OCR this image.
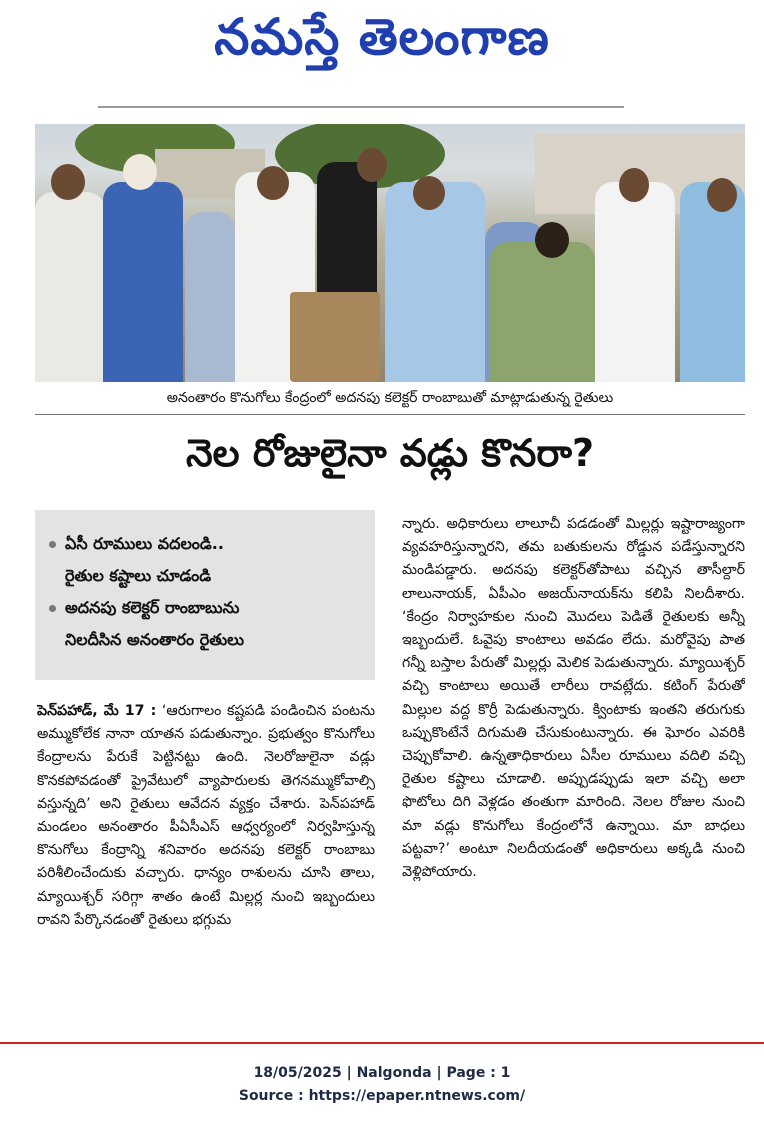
నమస్తే తెలంగాణ
అనంతారం కొనుగోలు కేంద్రంలో అదనపు కలెక్టర్ రాంబాబుతో మాట్లాడుతున్న రైతులు
నెల రోజులైనా వడ్లు కొనరా?
ఏసీ రూములు వదలండి..
రైతుల కష్టాలు చూడండి
అదనపు కలెక్టర్ రాంబాబును
నిలదీసిన అనంతారం రైతులు

పెన్‌పహాడ్, మే 17 : ‘ఆరుగాలం కష్టపడి పండించిన పంటను అమ్ముకోలేక నానా యాతన పడుతున్నాం. ప్రభుత్వం కొనుగోలు కేంద్రాలను పేరుకే పెట్టినట్టు ఉంది. నెలరోజులైనా వడ్లు కొనకపోవడంతో ప్రైవేటులో వ్యాపారులకు తెగనమ్ముకోవాల్సి వస్తున్నది’ అని రైతులు ఆవేదన వ్యక్తం చేశారు. పెన్‌పహాడ్ మండలం అనంతారం పీఏసీఎస్ ఆధ్వర్యంలో నిర్వహిస్తున్న కొనుగోలు కేంద్రాన్ని శనివారం అదనపు కలెక్టర్ రాంబాబు పరిశీలించేందుకు వచ్చారు. ధాన్యం రాశులను చూసి తాలు, మ్యాయిశ్చర్ సరిగ్గా శాతం ఉంటే మిల్లర్ల నుంచి ఇబ్బందులు రావని పేర్కొనడంతో రైతులు భగ్గుమ

న్నారు. అధికారులు లాలూచీ పడడంతో మిల్లర్లు ఇష్టారాజ్యంగా వ్యవహరిస్తున్నారని, తమ బతుకులను రోడ్డున పడేస్తున్నారని మండిపడ్డారు. అదనపు కలెక్టర్‌తోపాటు వచ్చిన తాసీల్దార్ లాలునాయక్, ఏపీఎం అజయ్‌నాయక్‌ను కలిపి నిలదీశారు. ‘కేంద్రం నిర్వాహకుల నుంచి మొదలు పెడితే రైతులకు అన్నీ ఇబ్బందులే. ఓవైపు కాంటాలు అవడం లేదు. మరోవైపు పాత గన్నీ బస్తాల పేరుతో మిల్లర్లు మెలిక పెడుతున్నారు. మ్యాయిశ్చర్ వచ్చి కాంటాలు అయితే లారీలు రావట్లేదు. కటింగ్ పేరుతో మిల్లుల వద్ద కొర్రీ పెడుతున్నారు. క్వింటాకు ఇంతని తరుగుకు ఒప్పుకొంటేనే దిగుమతి చేసుకుంటున్నారు. ఈ ఘోరం ఎవరికి చెప్పుకోవాలి. ఉన్నతాధికారులు ఏసీల రూములు వదిలి వచ్చి రైతుల కష్టాలు చూడాలి. అప్పుడప్పుడు ఇలా వచ్చి అలా ఫొటోలు దిగి వెళ్లడం తంతుగా మారింది. నెలల రోజుల నుంచి మా వడ్లు కొనుగోలు కేంద్రంలోనే ఉన్నాయి. మా బాధలు పట్టవా?’ అంటూ నిలదీయడంతో అధికారులు అక్కడి నుంచి వెళ్లిపోయారు.

18/05/2025 | Nalgonda | Page : 1
Source : https://epaper.ntnews.com/
